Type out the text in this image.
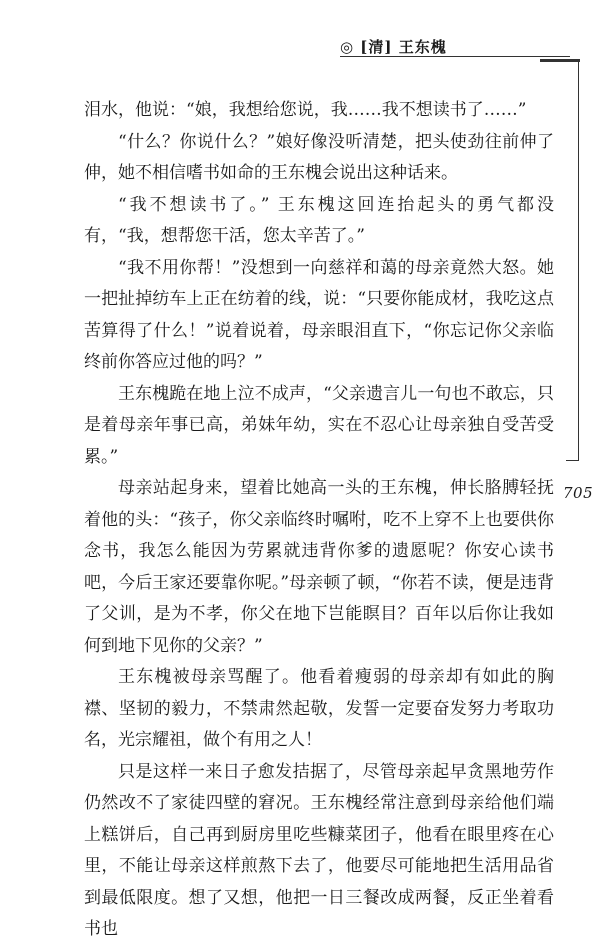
◎ [清] 王东槐
705

泪水，他说：“娘，我想给您说，我……我不想读书了……”

“什么？你说什么？”娘好像没听清楚，把头使劲往前伸了伸，她不相信嗜书如命的王东槐会说出这种话来。

“我不想读书了。” 王东槐这回连抬起头的勇气都没有，“我，想帮您干活，您太辛苦了。”

“我不用你帮！”没想到一向慈祥和蔼的母亲竟然大怒。她一把扯掉纺车上正在纺着的线，说：“只要你能成材，我吃这点苦算得了什么！”说着说着，母亲眼泪直下，“你忘记你父亲临终前你答应过他的吗？”

王东槐跪在地上泣不成声，“父亲遗言儿一句也不敢忘，只是着母亲年事已高，弟妹年幼，实在不忍心让母亲独自受苦受累。”

母亲站起身来，望着比她高一头的王东槐，伸长胳膊轻抚着他的头：“孩子，你父亲临终时嘱咐，吃不上穿不上也要供你念书，我怎么能因为劳累就违背你爹的遗愿呢？你安心读书吧，今后王家还要靠你呢。”母亲顿了顿，“你若不读，便是违背了父训，是为不孝，你父在地下岂能瞑目？百年以后你让我如何到地下见你的父亲？”

王东槐被母亲骂醒了。他看着瘦弱的母亲却有如此的胸襟、坚韧的毅力，不禁肃然起敬，发誓一定要奋发努力考取功名，光宗耀祖，做个有用之人！

只是这样一来日子愈发拮据了，尽管母亲起早贪黑地劳作仍然改不了家徒四壁的窘况。王东槐经常注意到母亲给他们端上糕饼后，自己再到厨房里吃些糠菜团子，他看在眼里疼在心里，不能让母亲这样煎熬下去了，他要尽可能地把生活用品省到最低限度。想了又想，他把一日三餐改成两餐，反正坐着看书也
